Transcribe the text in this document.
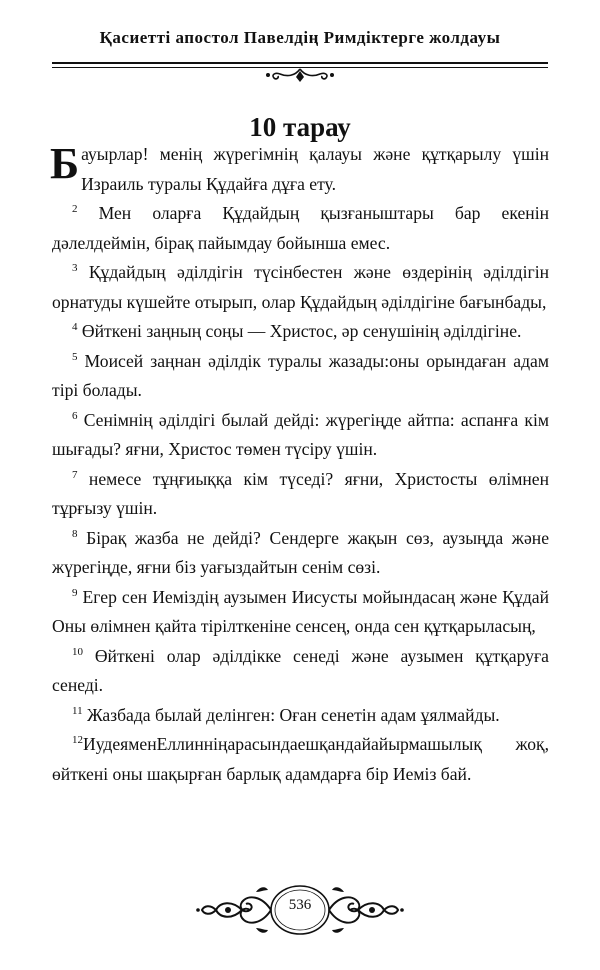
Қасиетті апостол Павелдің Римдіктерге жолдауы
10 тарау

Бауырлар! менің жүрегімнің қалауы және құтқарылу үшін Израиль туралы Құдайға дұға ету.

$^2$ Мен оларға Құдайдың қызғаныштары бар екенін дәлелдеймін, бірақ пайымдау бойынша емес.

$^3$ Құдайдың әділдігін түсінбестен және өздерінің әділдігін орнатуды күшейте отырып, олар Құдайдың әділдігіне бағынбады,

$^4$ Өйткені заңның соңы — Христос, әр сенушінің әділдігіне.

$^5$ Моисей заңнан әділдік туралы жазады:оны орындаған адам тірі болады.

$^6$ Сенімнің әділдігі былай дейді: жүрегіңде айтпа: аспанға кім шығады? яғни, Христос төмен түсіру үшін.

$^7$ немесе тұңғиыққа кім түседі? яғни, Христосты өлімнен тұрғызу үшін.

$^8$ Бірақ жазба не дейді? Сендерге жақын сөз, аузыңда және жүрегіңде, яғни біз уағыздайтын сенім сөзі.

$^9$ Егер сен Иеміздің аузымен Иисусты мойындасаң және Құдай Оны өлімнен қайта тірілткеніне сенсең, онда сен құтқарыласың,

$^{10}$ Өйткені олар әділдікке сенеді және аузымен құтқаруға сенеді.

$^{11}$ Жазбада былай делінген: Оған сенетін адам ұялмайды.

$^{12}$ИудеяменЕллинніңарасындаешқандайайырмашылық жоқ, өйткені оны шақырған барлық адамдарға бір Иеміз бай.

536
